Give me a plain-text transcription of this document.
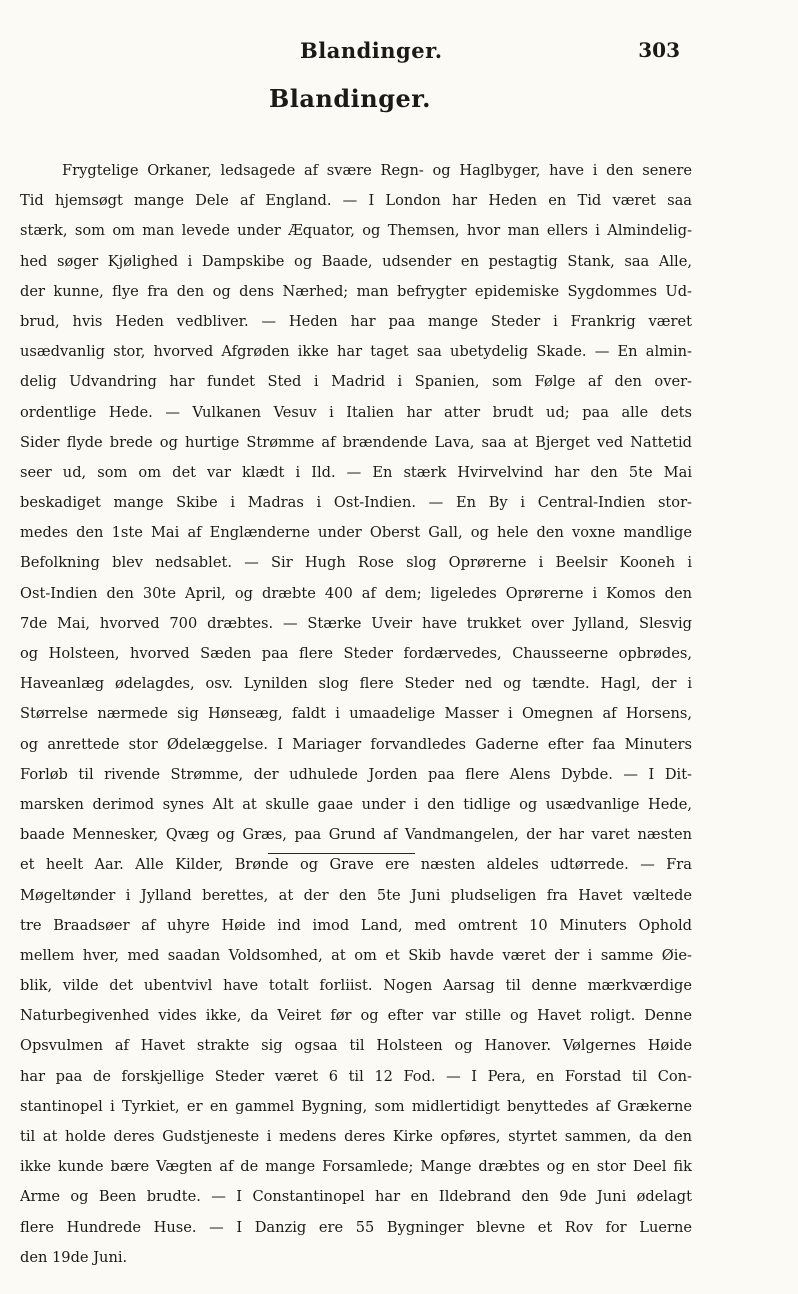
Blandinger.	303
Blandinger.
Frygtelige Orkaner, ledsagede af svære Regn- og Haglbyger, have i den senere
Tid hjemsøgt mange Dele af England. — I London har Heden en Tid været saa
stærk, som om man levede under Æquator, og Themsen, hvor man ellers i Almindelig-
hed søger Kjølighed i Dampskibe og Baade, udsender en pestagtig Stank, saa Alle,
der kunne, flye fra den og dens Nærhed; man befrygter epidemiske Sygdommes Ud-
brud, hvis Heden vedbliver. — Heden har paa mange Steder i Frankrig været
usædvanlig stor, hvorved Afgrøden ikke har taget saa ubetydelig Skade. — En almin-
delig Udvandring har fundet Sted i Madrid i Spanien, som Følge af den over-
ordentlige Hede. — Vulkanen Vesuv i Italien har atter brudt ud; paa alle dets
Sider flyde brede og hurtige Strømme af brændende Lava, saa at Bjerget ved Nattetid
seer ud, som om det var klædt i Ild. — En stærk Hvirvelvind har den 5te Mai
beskadiget mange Skibe i Madras i Ost-Indien. — En By i Central-Indien stor-
medes den 1ste Mai af Englænderne under Oberst Gall, og hele den voxne mandlige
Befolkning blev nedsablet. — Sir Hugh Rose slog Oprørerne i Beelsir Kooneh i
Ost-Indien den 30te April, og dræbte 400 af dem; ligeledes Oprørerne i Komos den
7de Mai, hvorved 700 dræbtes. — Stærke Uveir have trukket over Jylland, Slesvig
og Holsteen, hvorved Sæden paa flere Steder fordærvedes, Chausseerne opbrødes,
Haveanlæg ødelagdes, osv. Lynilden slog flere Steder ned og tændte. Hagl, der i
Størrelse nærmede sig Hønseæg, faldt i umaadelige Masser i Omegnen af Horsens,
og anrettede stor Ødelæggelse. I Mariager forvandledes Gaderne efter faa Minuters
Forløb til rivende Strømme, der udhulede Jorden paa flere Alens Dybde. — I Dit-
marsken derimod synes Alt at skulle gaae under i den tidlige og usædvanlige Hede,
baade Mennesker, Qvæg og Græs, paa Grund af Vandmangelen, der har varet næsten
et heelt Aar. Alle Kilder, Brønde og Grave ere næsten aldeles udtørrede. — Fra
Møgeltønder i Jylland berettes, at der den 5te Juni pludseligen fra Havet væltede
tre Braadsøer af uhyre Høide ind imod Land, med omtrent 10 Minuters Ophold
mellem hver, med saadan Voldsomhed, at om et Skib havde været der i samme Øie-
blik, vilde det ubentvivl have totalt forliist. Nogen Aarsag til denne mærkværdige
Naturbegivenhed vides ikke, da Veiret før og efter var stille og Havet roligt. Denne
Opsvulmen af Havet strakte sig ogsaa til Holsteen og Hanover. Vølgernes Høide
har paa de forskjellige Steder været 6 til 12 Fod. — I Pera, en Forstad til Con-
stantinopel i Tyrkiet, er en gammel Bygning, som midlertidigt benyttedes af Grækerne
til at holde deres Gudstjeneste i medens deres Kirke opføres, styrtet sammen, da den
ikke kunde bære Vægten af de mange Forsamlede; Mange dræbtes og en stor Deel fik
Arme og Been brudte. — I Constantinopel har en Ildebrand den 9de Juni ødelagt
flere Hundrede Huse. — I Danzig ere 55 Bygninger blevne et Rov for Luerne
den 19de Juni.
